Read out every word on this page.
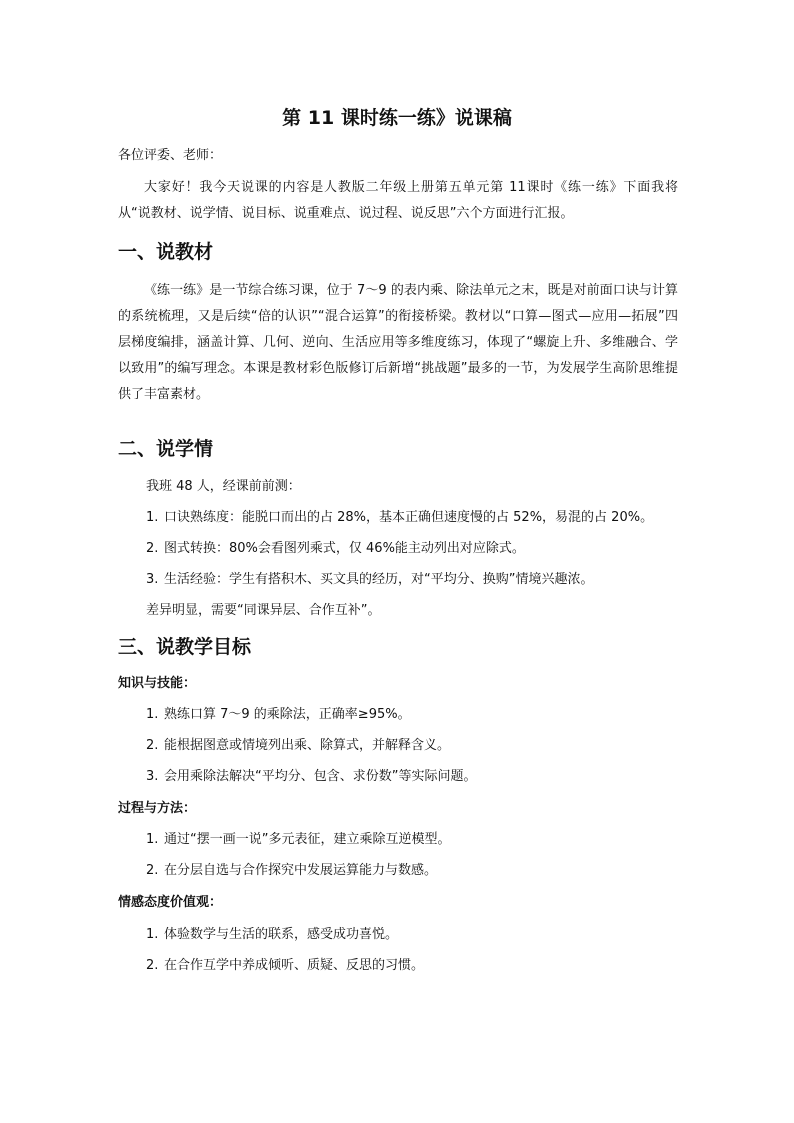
第 11 课时练一练》说课稿

各位评委、老师：

大家好！我今天说课的内容是人教版二年级上册第五单元第 11课时《练一练》下面我将从“说教材、说学情、说目标、说重难点、说过程、说反思”六个方面进行汇报。

一、说教材

《练一练》是一节综合练习课，位于 7～9 的表内乘、除法单元之末，既是对前面口诀与计算的系统梳理，又是后续“倍的认识”“混合运算”的衔接桥梁。教材以“口算—图式—应用—拓展”四层梯度编排，涵盖计算、几何、逆向、生活应用等多维度练习，体现了“螺旋上升、多维融合、学以致用”的编写理念。本课是教材彩色版修订后新增“挑战题”最多的一节，为发展学生高阶思维提供了丰富素材。

二、说学情

我班 48 人，经课前前测：

1. 口诀熟练度：能脱口而出的占 28%，基本正确但速度慢的占 52%，易混的占 20%。

2. 图式转换：80%会看图列乘式，仅 46%能主动列出对应除式。

3. 生活经验：学生有搭积木、买文具的经历，对“平均分、换购”情境兴趣浓。

差异明显，需要“同课异层、合作互补”。

三、说教学目标

知识与技能：

1. 熟练口算 7～9 的乘除法，正确率≥95%。

2. 能根据图意或情境列出乘、除算式，并解释含义。

3. 会用乘除法解决“平均分、包含、求份数”等实际问题。

过程与方法：

1. 通过“摆一画一说”多元表征，建立乘除互逆模型。

2. 在分层自选与合作探究中发展运算能力与数感。

情感态度价值观：

1. 体验数学与生活的联系，感受成功喜悦。

2. 在合作互学中养成倾听、质疑、反思的习惯。
